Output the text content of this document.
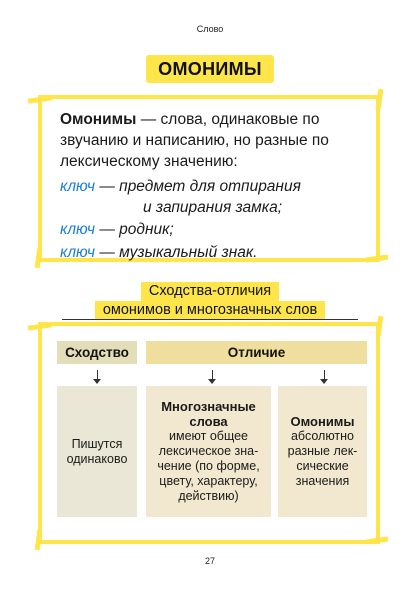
Слово
ОМОНИМЫ
Омонимы — слова, одинаковые по звучанию и написанию, но разные по лексическому значению:
ключ — предмет для отпирания
и запирания замка;
ключ — родник;
ключ — музыкальный знак.
Сходства-отличия
омонимов и многозначных слов
Сходство	Отличие
Пишутся
одинаково
Многозначные
слова
имеют общее
лексическое зна-
чение (по форме,
цвету, характеру,
действию)
Омонимы
абсолютно
разные лек-
сические
значения
27
